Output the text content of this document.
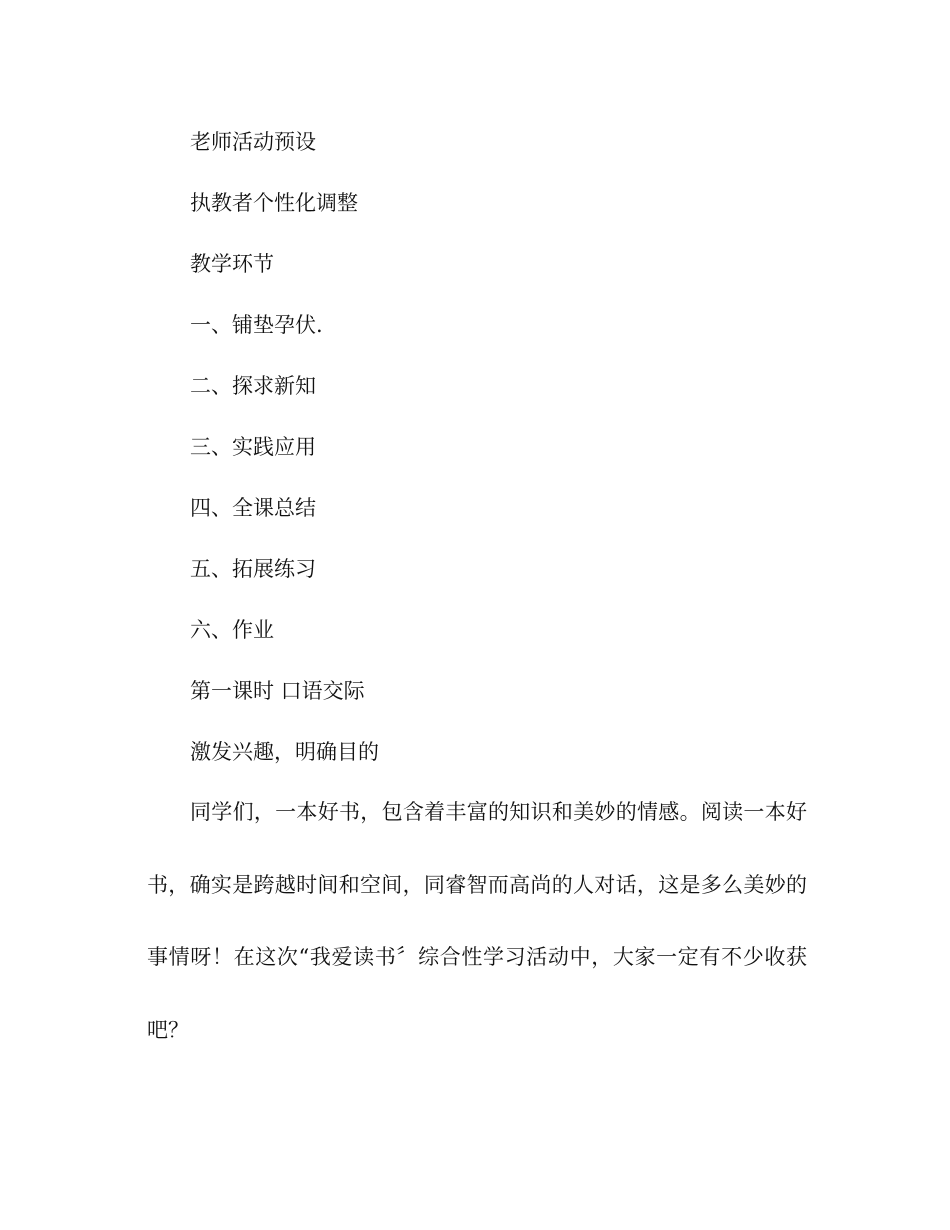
老师活动预设

执教者个性化调整

教学环节

一、铺垫孕伏.

二、探求新知

三、实践应用

四、全课总结

五、拓展练习

六、作业

第一课时 口语交际

激发兴趣，明确目的

同学们，一本好书，包含着丰富的知识和美妙的情感。阅读一本好书，确实是跨越时间和空间，同睿智而高尚的人对话，这是多么美妙的事情呀！在这次“我爱读书〞综合性学习活动中，大家一定有不少收获吧？
